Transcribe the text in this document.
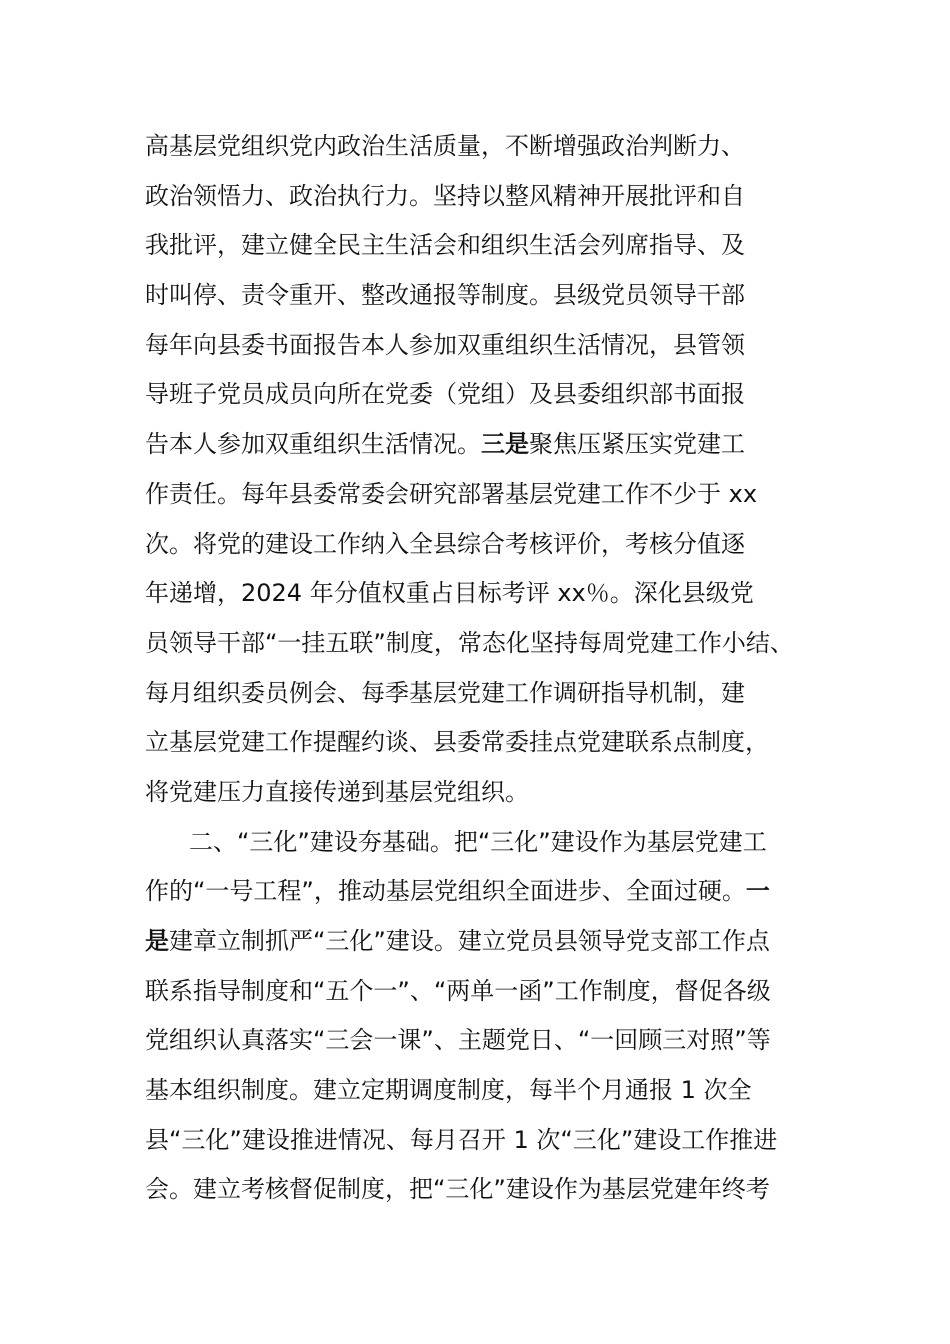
高基层党组织党内政治生活质量，不断增强政治判断力、
政治领悟力、政治执行力。坚持以整风精神开展批评和自
我批评，建立健全民主生活会和组织生活会列席指导、及
时叫停、责令重开、整改通报等制度。县级党员领导干部
每年向县委书面报告本人参加双重组织生活情况，县管领
导班子党员成员向所在党委（党组）及县委组织部书面报
告本人参加双重组织生活情况。三是聚焦压紧压实党建工
作责任。每年县委常委会研究部署基层党建工作不少于 xx
次。将党的建设工作纳入全县综合考核评价，考核分值逐
年递增，2024 年分值权重占目标考评 xx％。深化县级党
员领导干部“一挂五联”制度，常态化坚持每周党建工作小结、
每月组织委员例会、每季基层党建工作调研指导机制，建
立基层党建工作提醒约谈、县委常委挂点党建联系点制度，
将党建压力直接传递到基层党组织。
二、“三化”建设夯基础。把“三化”建设作为基层党建工
作的“一号工程”，推动基层党组织全面进步、全面过硬。一
是建章立制抓严“三化”建设。建立党员县领导党支部工作点
联系指导制度和“五个一”、“两单一函”工作制度，督促各级
党组织认真落实“三会一课”、主题党日、“一回顾三对照”等
基本组织制度。建立定期调度制度，每半个月通报 1 次全
县“三化”建设推进情况、每月召开 1 次“三化”建设工作推进
会。建立考核督促制度，把“三化”建设作为基层党建年终考
